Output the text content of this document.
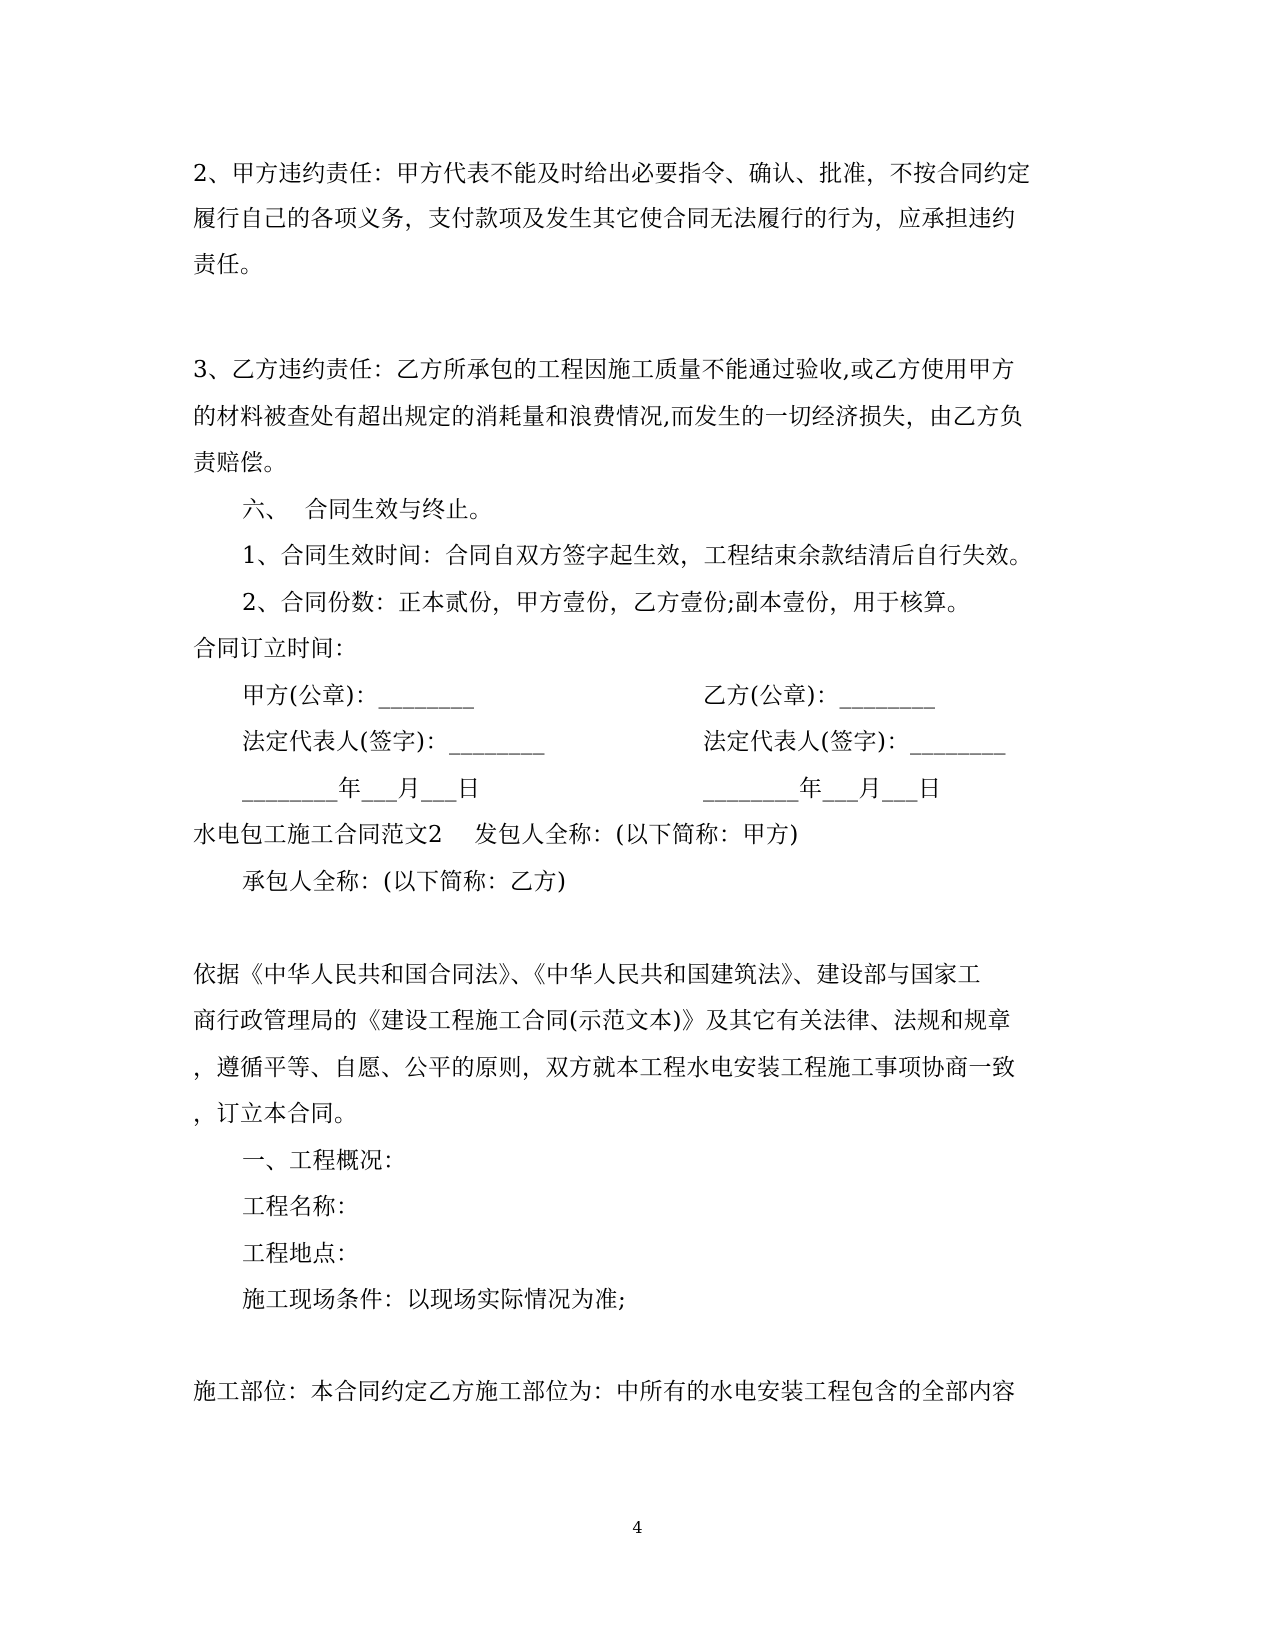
2、甲方违约责任：甲方代表不能及时给出必要指令、确认、批准，不按合同约定
履行自己的各项义务，支付款项及发生其它使合同无法履行的行为，应承担违约
责任。
3、乙方违约责任：乙方所承包的工程因施工质量不能通过验收,或乙方使用甲方
的材料被查处有超出规定的消耗量和浪费情况,而发生的一切经济损失，由乙方负
责赔偿。
六、  合同生效与终止。
1、合同生效时间：合同自双方签字起生效，工程结束余款结清后自行失效。
2、合同份数：正本贰份，甲方壹份，乙方壹份;副本壹份，用于核算。
合同订立时间：
甲方(公章)：________	乙方(公章)：________
法定代表人(签字)：________	法定代表人(签字)：________
________年___月___日	________年___月___日
水电包工施工合同范文2    发包人全称：(以下简称：甲方)
承包人全称：(以下简称：乙方)
依据《中华人民共和国合同法》、《中华人民共和国建筑法》、建设部与国家工
商行政管理局的《建设工程施工合同(示范文本)》及其它有关法律、法规和规章
，遵循平等、自愿、公平的原则，双方就本工程水电安装工程施工事项协商一致
，订立本合同。
一、工程概况：
工程名称：
工程地点：
施工现场条件：以现场实际情况为准;
施工部位：本合同约定乙方施工部位为：中所有的水电安装工程包含的全部内容
4
